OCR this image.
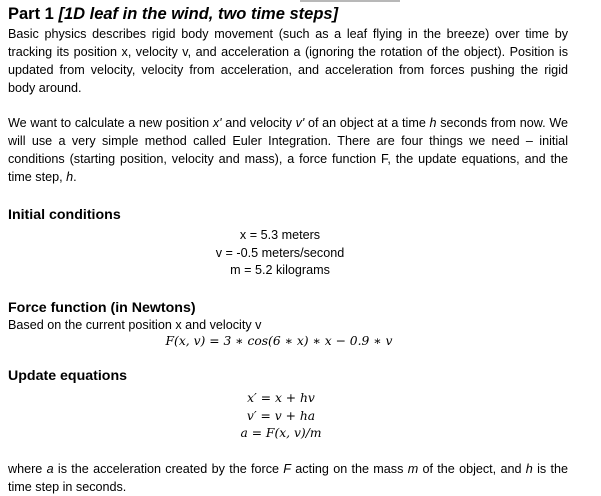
Part 1 [1D leaf in the wind, two time steps]

Basic physics describes rigid body movement (such as a leaf flying in the breeze) over time by tracking its position x, velocity v, and acceleration a (ignoring the rotation of the object). Position is updated from velocity, velocity from acceleration, and acceleration from forces pushing the rigid body around.

We want to calculate a new position x' and velocity v' of an object at a time h seconds from now. We will use a very simple method called Euler Integration. There are four things we need – initial conditions (starting position, velocity and mass), a force function F, the update equations, and the time step, h.

Initial conditions
x = 5.3 meters
v = -0.5 meters/second
m = 5.2 kilograms
Force function (in Newtons)

Based on the current position x and velocity v

F(x, v) = 3 ∗ cos(6 ∗ x) ∗ x − 0.9 ∗ v
Update equations
x′ = x + hv
v′ = v + ha
a = F(x, v)/m

where a is the acceleration created by the force F acting on the mass m of the object, and h is the time step in seconds.
